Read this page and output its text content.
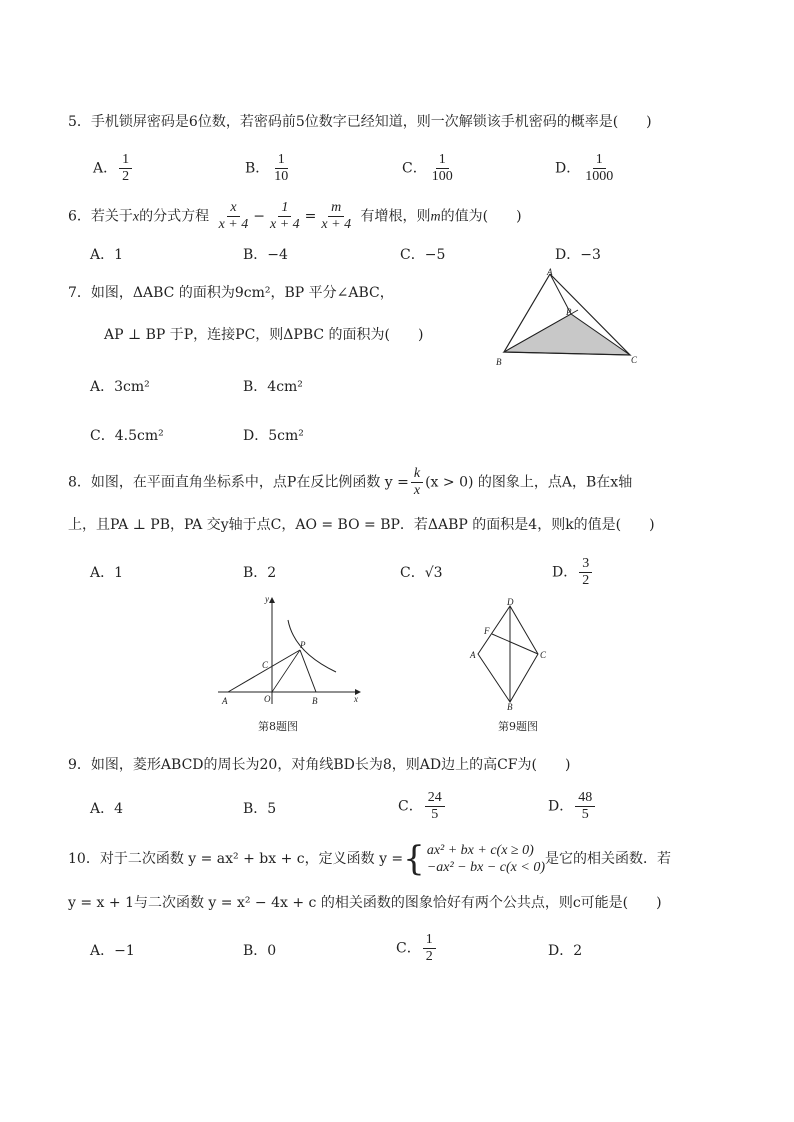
5．手机锁屏密码是6位数，若密码前5位数字已经知道，则一次解锁该手机密码的概率是(　　)
A． $\frac{1}{2}$	B． $\frac{1}{10}$	C． $\frac{1}{100}$	D． $\frac{1}{1000}$
6．若关于x的分式方程 $\frac{x}{x + 4} - \frac{1}{x + 4} = \frac{m}{x + 4}$ 有增根，则m的值为(　　)
A．1	B．−4	C．−5	D．−3
7．如图，ΔABC 的面积为9cm²，BP 平分∠ABC，
AP ⊥ BP 于P，连接PC，则ΔPBC 的面积为(　　)
A．3cm²	B．4cm²
C．4.5cm²	D．5cm²
A
P
B	C
8．如图，在平面直角坐标系中，点P在反比例函数 $y = \frac{k}{x} (x > 0)$ 的图象上，点A，B在x轴
上，且PA ⊥ PB，PA 交y轴于点C，AO = BO = BP．若ΔABP 的面积是4，则k的值是(　　)
A．1	B．2	C．√3	D． $\frac{3}{2}$
y
x
O
A	B
C
P
第8题图
D
F
A	C
B
第9题图
9．如图，菱形ABCD的周长为20，对角线BD长为8，则AD边上的高CF为(　　)
A．4	B．5	C． $\frac{24}{5}$	D． $\frac{48}{5}$
10．对于二次函数 y = ax² + bx + c，定义函数 y = { ax² + bx + c(x ≥ 0)
−ax² − bx − c(x < 0)
是它的相关函数．若
y = x + 1与二次函数 y = x² − 4x + c 的相关函数的图象恰好有两个公共点，则c可能是(　　)
A．−1	B．0	C． $\frac{1}{2}$	D．2
